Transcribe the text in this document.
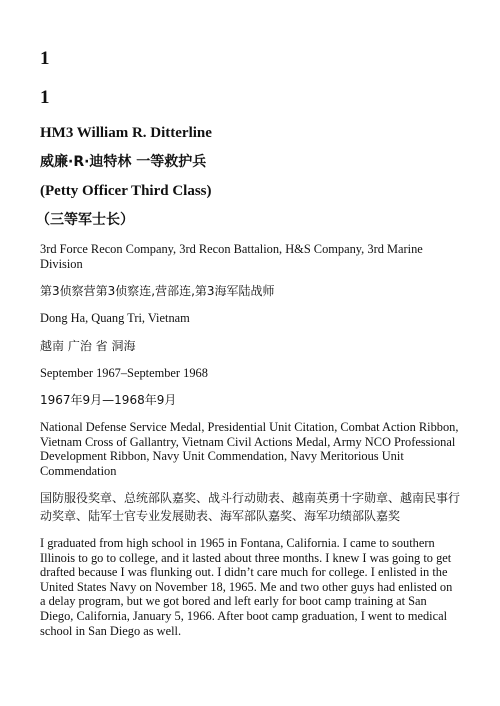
1

1

HM3 William R. Ditterline

威廉·R·迪特林 一等救护兵

(Petty Officer Third Class)

（三等军士长）

3rd Force Recon Company, 3rd Recon Battalion, H&S Company, 3rd Marine Division

第3侦察营第3侦察连,营部连,第3海军陆战师

Dong Ha, Quang Tri, Vietnam

越南 广治 省 洞海

September 1967–September 1968

1967年9月—1968年9月

National Defense Service Medal, Presidential Unit Citation, Combat Action Ribbon, Vietnam Cross of Gallantry, Vietnam Civil Actions Medal, Army NCO Professional Development Ribbon, Navy Unit Commendation, Navy Meritorious Unit Commendation

国防服役奖章、总统部队嘉奖、战斗行动勋表、越南英勇十字勋章、越南民事行动奖章、陆军士官专业发展勋表、海军部队嘉奖、海军功绩部队嘉奖

I graduated from high school in 1965 in Fontana, California. I came to southern Illinois to go to college, and it lasted about three months. I knew I was going to get drafted because I was flunking out. I didn’t care much for college. I enlisted in the United States Navy on November 18, 1965. Me and two other guys had enlisted on a delay program, but we got bored and left early for boot camp training at San Diego, California, January 5, 1966. After boot camp graduation, I went to medical school in San Diego as well.
